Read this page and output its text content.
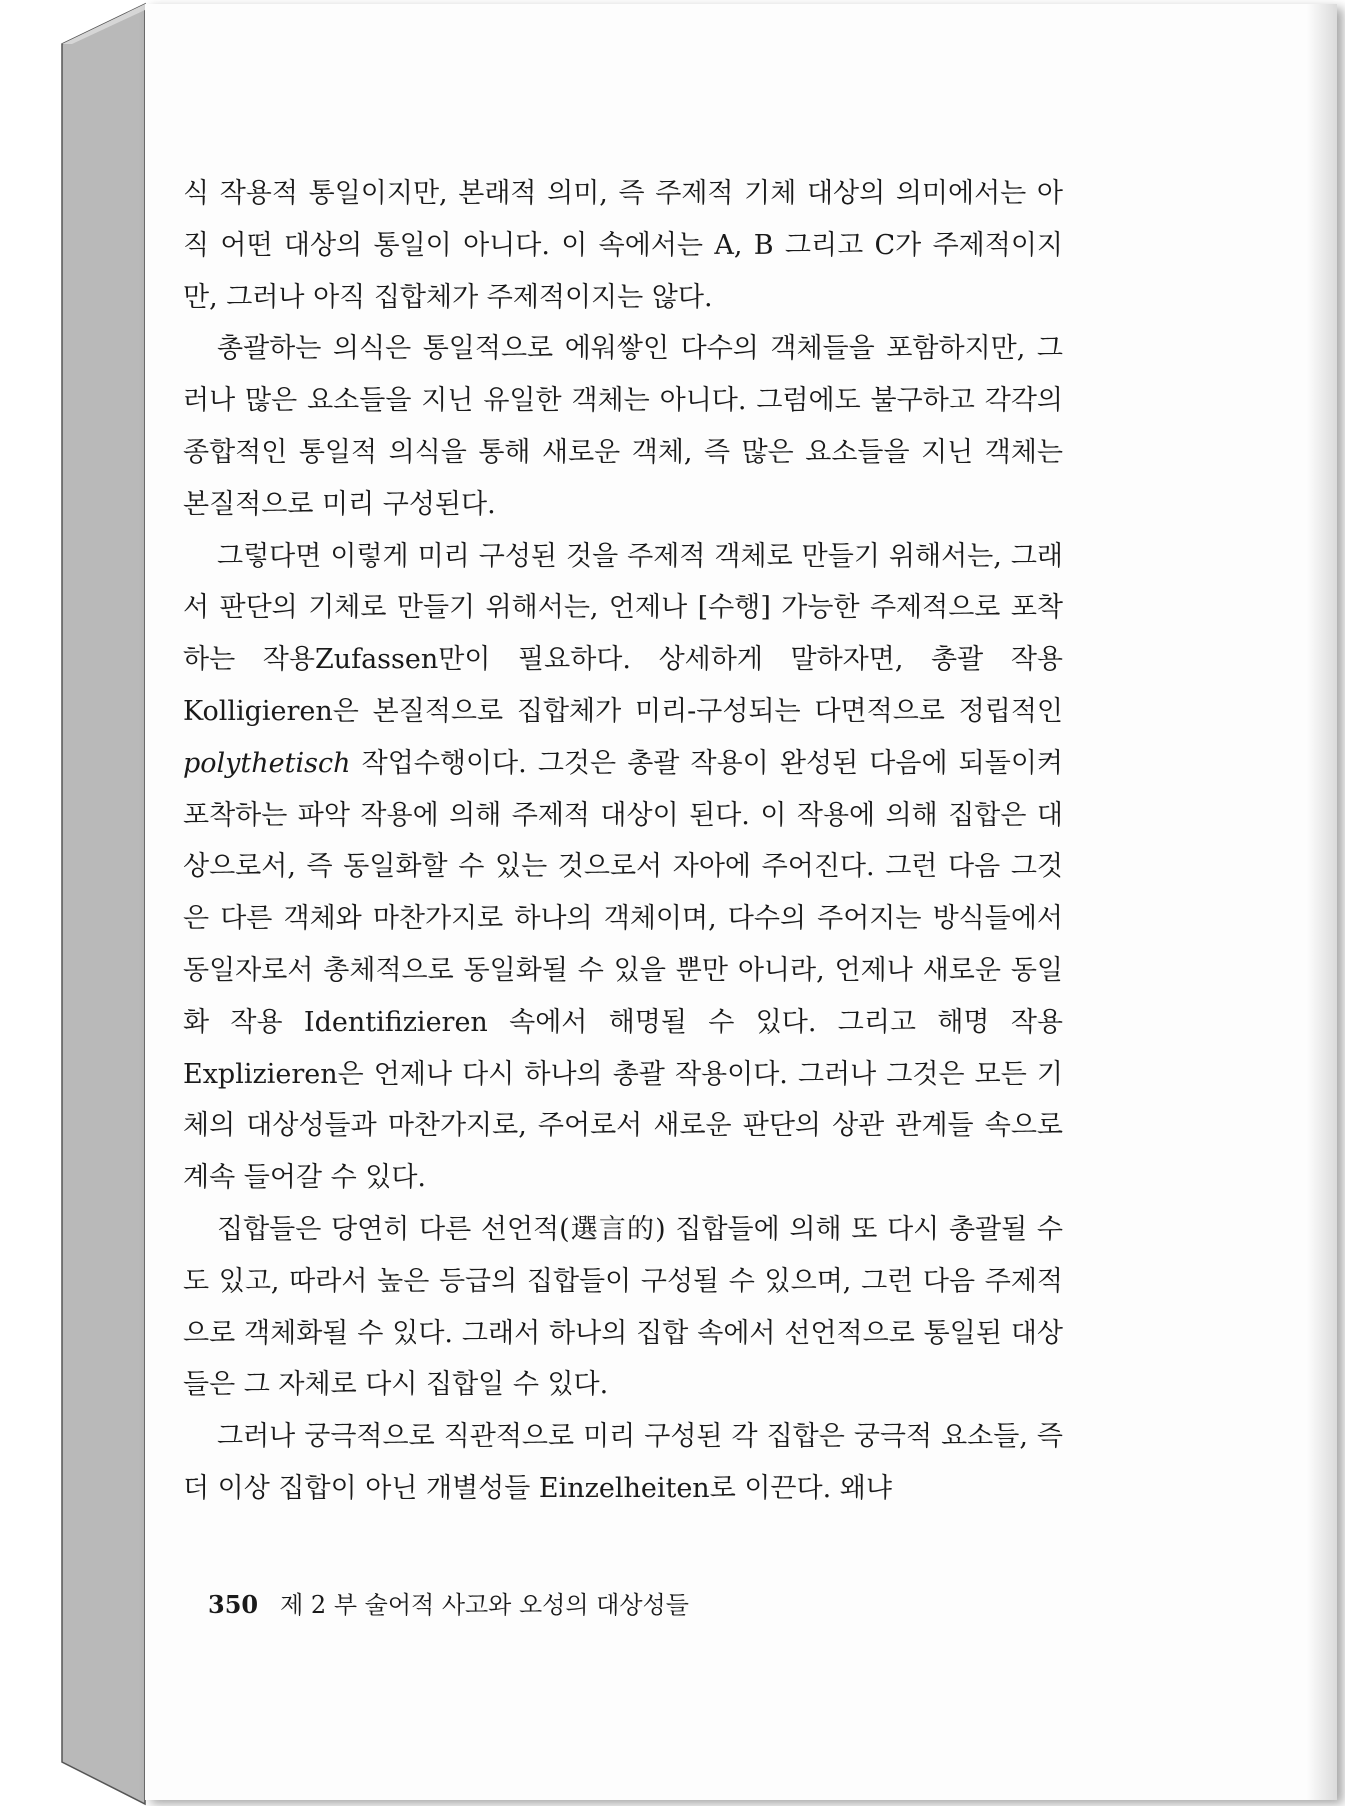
식 작용적 통일이지만, 본래적 의미, 즉 주제적 기체 대상의 의미에서는 아직 어떤 대상의 통일이 아니다. 이 속에서는 A, B 그리고 C가 주제적이지만, 그러나 아직 집합체가 주제적이지는 않다.

총괄하는 의식은 통일적으로 에워쌓인 다수의 객체들을 포함하지만, 그러나 많은 요소들을 지닌 유일한 객체는 아니다. 그럼에도 불구하고 각각의 종합적인 통일적 의식을 통해 새로운 객체, 즉 많은 요소들을 지닌 객체는 본질적으로 미리 구성된다.

그렇다면 이렇게 미리 구성된 것을 주제적 객체로 만들기 위해서는, 그래서 판단의 기체로 만들기 위해서는, 언제나 [수행] 가능한 주제적으로 포착하는 작용Zufassen만이 필요하다. 상세하게 말하자면, 총괄 작용 Kolligieren은 본질적으로 집합체가 미리-구성되는 다면적으로 정립적인 polythetisch 작업수행이다. 그것은 총괄 작용이 완성된 다음에 되돌이켜 포착하는 파악 작용에 의해 주제적 대상이 된다. 이 작용에 의해 집합은 대상으로서, 즉 동일화할 수 있는 것으로서 자아에 주어진다. 그런 다음 그것은 다른 객체와 마찬가지로 하나의 객체이며, 다수의 주어지는 방식들에서 동일자로서 총체적으로 동일화될 수 있을 뿐만 아니라, 언제나 새로운 동일화 작용 Identifizieren 속에서 해명될 수 있다. 그리고 해명 작용 Explizieren은 언제나 다시 하나의 총괄 작용이다. 그러나 그것은 모든 기체의 대상성들과 마찬가지로, 주어로서 새로운 판단의 상관 관계들 속으로 계속 들어갈 수 있다.

집합들은 당연히 다른 선언적(選言的) 집합들에 의해 또 다시 총괄될 수도 있고, 따라서 높은 등급의 집합들이 구성될 수 있으며, 그런 다음 주제적으로 객체화될 수 있다. 그래서 하나의 집합 속에서 선언적으로 통일된 대상들은 그 자체로 다시 집합일 수 있다.

그러나 궁극적으로 직관적으로 미리 구성된 각 집합은 궁극적 요소들, 즉 더 이상 집합이 아닌 개별성들 Einzelheiten로 이끈다. 왜냐

350 제 2 부 술어적 사고와 오성의 대상성들
